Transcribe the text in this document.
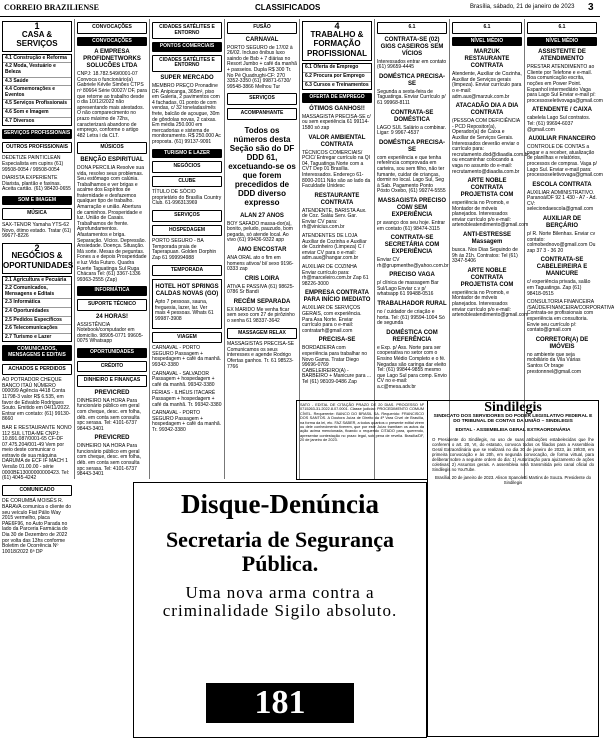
CORREIO BRAZILIENSE	CLASSIFICADOS	Brasília, sábado, 21 de janeiro de 2023 3
1
CASA & SERVIÇOS
4.1 Construção e Reforma
4.2 Moda, Vestuário e Beleza
4.3 Saúde
4.4 Comemorações e Eventos
4.5 Serviços Profissionais
4.6 Som e Imagem
4.7 Diversos
SERVIÇOS PROFISSIONAIS
OUTROS PROFISSIONAIS

DEDETIZE PAINTICLEAN Especialista em cupins (61) 99508-0054 / 99508-0054

DIARISTA EXPERIENTE Diarista, plantão e faxinas. Aceita cartão. (61) 98420-0655

SOM E IMAGEM
MÚSICA

SAX-TENOR Yamaha YTS-62 Novo, ótimo estado. Tratar (61) 99677-8226

2
NEGÓCIOS & OPORTUNIDADES
2.1 Agricultura e Pecuária
2.2 Comunicados, Mensagens e Editais
2.3 Informática
2.4 Oportunidades
2.5 Pedidos Específicos
2.6 Telecomunicações
2.7 Turismo e Lazer
COMUNICADOS, MENSAGENS E EDITAIS
ACHADOS E PERDIDOS

AO POTRADOR CHEQUE BANCO ITAÚ NÚMERO 000099 Agência 4418 Conta 11798-3 valor R$ 6.535, em favor de Edvaldo Rodrigues Souto. Emitido em 04/11/2022. Entrar em contato: (61) 99130-8660

BAR E RESTAURANTE NONO 112 SUL LTDA-ME CNPJ: 10.891.087/0001-65 CF-DF 07.475.204/001-49 Vem por meio deste comunicar o extravio de sua máquina DARUMA de ECF IF MACH 1 Versão 01.00.00 - série 0000BE13000000000423. Tel: (61) 4045-4242

COMUNICADO

DE CORUMBÁ MOISÉS R. BARAVA comunica o cliente do seu veículo Fiat Pálio Way 2015 vermelho, placa PAE6F96, no Auto Parada no lado da Parceria Farmácia do Dia 30 de Dezembro de 2022 por volta das 13hs conforme Boletim de Ocorrência Nº 10018/2022 6ª DP

CONVOCAÇÕES
CONVOCAÇÕES
A EMPRESA PROFIDNETWORKS SOLUCÕES LTDA

CNPJ: 18.782.549/0001-07 Convoca o funcionário(a) Gabriele Kévile Simões CTPS nº 80664 Série 00027/ DF, para que retorne ao trabalho desde o dia 10/12/2022 não apresentando mais atestados. O não comparecimento no prazo máximo de 72hs, caracterizará abandono de emprego, conforme o artigo 482 Letra i da CLT.

MÚSICOS
BENÇÃO ESPIRITUAL

DONA PERCILIA Resolve sua vida, resolvo seus problemas. Seu estômago com calúnia. Trabalhamos e ver brigas e acalme dos Espíritos de fraternidade e desfazemos qualquer tipo de trabalho. Amarração e união. Abertura de caminhos. Prosperidade e luz. União de Casais. Trabalhamos de frente. Aprofundamentos. Afastamentos e briga. Separação. Vícios. Depressão. Ansiedade. Doença. Situação. Má sorte. Mesas de peguntas. Fones a e depois Prosperidade e luz Vida Futuro. Quadra Fuerte Taguatinga Sul Ruga Chácara Tel: (61) 3367-1336 99363-2555 (Zap)

INFORMÁTICA
SUPORTE TÉCNICO
24 HORAS!

ASSISTÊNCIA Notebook/computador em domicílio. 98905-0771 99605-0075 Whatsapp

OPORTUNIDADES
CRÉDITO
DINHEIRO E FINANÇAS
PREVICRED

DINHEIRO NA HORA Para funcionário público em geral com cheque, desc. em folha, déb. em conta sem consulta spc serasa. Tel: 4101-6737 98443-3401

PREVICRED

DINHEIRO NA HORA Para funcionário público em geral com cheque, desc. em folha, déb. em conta sem consulta spc serasa. Tel: 4101-6737 98443-3401

CIDADES SATÉLITES E ENTORNO
PONTOS COMERCIAIS
CIDADES SATÉLITES E ENTORNO
SUPER MERCADO

MEMBRO PREÇO Pronadine DF. Anipicanga, 365m², piso em Galeria, 2 pavimentos com 4 fachadas, 01 ponto de com vendas, c/ 32 toneladas/mês frete, balcão de açougue, 30m de gôndolas novas, 2 caixas. Em média 250.000 em mercadorias e sistema de monitoramento. R$ 250.000 Ac proposta. (61) 99137-9091

TURISMO E LAZER
NEGÓCIOS
CLUBE

TÍTULO DE SÓCIO proprietário do Brasília Country Club. 61-996313969

SERVIÇOS
HOSPEDAGEM

PORTO SEGURO - BA Temporada praia de Taperapuan. Golden Dorphin Zap 61 999994988

TEMPORADA
HOTEL HOT SPRINGS CALDAS NOVAS (GO)

Apto 7 pessoas, sauna, freguesia, lazer, lar. Ver mais 4 pessoas. Whats 61 99987-3908

VIAGEM

CARNAVAL - PORTO SEGURO Passagem + hospedagem + café da manhã. 99342-3380

CARNAVAL - SALVADOR Passagem + hospedagem + café da manhã. 99342-3380

FÉRIAS - ILHÉUS ITACARÉ Passagem + hospedagem + café da manhã. Tr. 99342-3380

CARNAVAL - PORTO SEGURO Passagem + hospedagem + café da manhã. Tr. 99342-3380

FUSÃO
CARNAVAL

PORTO SEGURO de 17/02 à 26/02. Incluso ônibus luxo saindo de Bsb + 7 diárias no Resort Jumbo + café da manhã + passeios. Dupla R$ 300 Tr. No Pé Quadrughi-CF: 270 3352-3350 (61) 99871-6730/ 99548-3866 Melhou Tur

SERVIÇOS
ACOMPANHANTE
Todos os números desta Seção são do DF DDD 61, excetuando-se os que forem precedidos de DDD diverso expresso
ALAN 27 ANOS

BOY SAFADO massa-dor(a), bonito, peludo, pauzudo, bom pegada, só atende local. Ao vivo (61) 99436-9322 app

AMO ENCOSTAR

ANA ORAL ato o fim em homens ativos/ bi/ sexo 9196-0333 zap

CRIS LOIRA

ATIVA E PASSIVA (61) 98625-0786 Sr Bandi

RECÉM SEPARADA

EX MARIDO Me venha ficar sem sexo com 27 de pirôzinho o senha 61 98337-3642

MASSAGEM RELAX

MASSAGISTAS PRECISA-SE Comunicamos os seus interesses e agende Rodrigo Ofertas ganhos. Tr. 61 98523-7766

4
TRABALHO & FORMAÇÃO PROFISSIONAL
6.1 Oferta de Emprego
6.2 Procura por Emprego
6.3 Cursos e Treinamentos
OFERTA DE EMPREGO
ÓTIMOS GANHOS!!

MASSAGISTA PRECISA-SE c/ ou sem experiência 61 99114-1580 só zap

VALOR AMBIENTAL CONTRATA

TÉCNICOS COMERCIAIS/ PCIC/ Entregar currículo na QI 04, Taguatinga Norte com a CVT Dep 01 Brasília. Interessados. Endereço 61-8000-2011 Não são ao lado da Faculdade Unidesc

RESTAURANTE CONTRATA

ATENDENTE, BARISTA Aux. de Coz. Saláu Serv. Gar. Enviar CV para: rh@vinicius.com.br

ATENDENTES DE LOJA Auxiliar de Cozinha e Auxiliar de Cozinheiro (Limpeza) C / enviar CV para o e-mail: adm.aux@hangar.com.br

AUXILIAR DE COZINHA Enviar currículo para: rh@marceleiro.com.br Zap 61 98226-3000

EMPRESA CONTRATA PARA INÍCIO IMEDIATO

AUXILIAR DE SERVIÇOS GERAIS, com experiência. Para Asa Norte. Enviar currículo para o e-mail: contratarh@gmail.com

PRECISA-SE

BORDADEIRA com experiência para trabalhar no Novo Gama. Tratar Diego 99696-0769 CABELEIREIRO(A) - BARBEIRO + Manicure para ... Tel (61) 98109-0486 Zap

6.1
CONTRATA-SE (02) GIGS CASEIROS SEM VÍCIOS

Interessados entrar em contato (61) 99659-4445

DOMÉSTICA PRECISA-SE

Segunda a sexta-feira de Taguatinga. Enviar Currículo p/ 61 99968-8111

CONTRATA-SE DOMÉSTICA

LAGO SUL Salário a combinar. Ligar: 9 9967-4537

DOMÉSTICA PRECISA-SE

com experiência e que tenha referência comprovada em carteira, sou sem filho, não ter fumante, cuidar de crianças, dormir no local. Lago Sul, Seg à Sab. Pagamento Ponto Pósto Oxebo, (61) 99274-5555

MASSAGISTA PRECISO COM/ SEM EXPERIÊNCIA

pr avanço dos seu hoje. Entrar em contato (61) 98474-3115

CONTRATA-SE SECRETÁRIA COM EXPERIÊNCIA

Enviar CV rh@grupmenthe@yahoo.com.br

PRECISO VAGA

p/ clínica de massagem Bar Sul/Lago Enviar c.v p/ whatsapp 61 99488-0516

TRABALHADOR RURAL

no / cuidador de criação e horta. Tel: (61) 99594-1004 Só de segunda

DOMÉSTICA COM REFERÊNCIA

e Exp. p/ Ass. Norte para ser cooperativa no setor com o Ensino Médio Completo e o fé. Negadas são caringa dar eleito Tel: (61) 99844-9855 mesmo que Lago Sul para comp. Envio CV no e-mail: a.c@mesa.adv.br

6.1
NÍVEL MÉDIO
MARZUK RESTAURANTE CONTRATA

Atendente, Auxiliar de Cozinha, Auxiliar de Serviços gerais (limpeza). Enviar currículo para o e-mail: adm.aux@marzuk.com.br

ATACADÃO DIA A DIA CONTRATA

(PESSOA COM DEFICIÊNCIA - PCD Repositor(a), Operador(a) de Caixa e Auxiliar de Serviços Gerais. Interessados deverão enviar o currículo para: recrutamento.dod@diaadia.com.br ou encaminhar colocando a vaga no assunto do e-mail: recrutamento@diaadia.com.br

ARTE NOBLE CONTRATA PROJETISTA COM

experiência no Promob, e Montador de móveis planejados. Interessados enviar currículo p/o e-mail: artenobleatendimento@gmail.com

ANTI-ESTRESSE Massagem

busca. Nos Dias Seguindo de 9h às 21h. Contratos: Tel (61) 3347-5406

ARTE NOBLE CONTRATA PROJETISTA COM

experiência no Promob, e Montador de móveis planejados. Interessados enviar currículo p/o e-mail: artenobleatendimento@gmail.com

6.1
NÍVEL MÉDIO
ASSISTENTE DE ATENDIMENTO

PRESTAR ATENDIMENTO ao Cliente por Telefone e e-mail. Boa comunicação escrita, noções em Power Point. Espanhol intermediário Vaga para Lago Sul Enviar e-mail p/: processoseletivovaga@gmail.com

ATENDENTE / CAIXA

cabelela Lago Sul contratos. Tel: (61) 99694-6037 @gmail.com

AUXILIAR FINANCEIRO

CONTROLE DE CONTAS a pagar e a receber, atualização de planilhas e relatórios, processos de compras. Vaga p/ Lago Sul. Enviar e-mail para: processoseletivovaga@gmail.com

ESCOLA CONTRATA

AUXILIAR ADMINISTRATIVO. Paranoá/DF 92 1 430 - A7 - Ad. CV: seleciondaescola@gmail.com

AUXILIAR DE BERÇÁRIO

p/ R. Norte Bilenhas. Enviar cv contato: colmobednovo@gmail.com Ou zap 37 3 - 36 20

CONTRATA-SE CABELEIREIRA E MANICURE

c/ experiência privada, salão em Taguatinga. Zap (61) 98418-0515

CONSULTORIA FINANCEIRA /SAÚDE/FINANCEIRA/CORPORATIVA Contrata-se profissionais com experiência em consultoria. Envie seu currículo p/: contato@gmail.com

CORRETOR(A) DE IMÓVEIS

no ambiente que seja mobiliário da Vila Várias Santos Or brage prestonnnel@gmail.com

SATO - EDITAL DE CITAÇÃO PRAZO DE 20 DIAS. PROCESSO Nº 0715263-31.2022.8.07.0001. Classe judicial: PROCEDIMENTO COMUM CÍVEL. Requerente: BANCO DO BRASIL SA. Requerido: FRANCISCO DOS SANTOS. A Doutora Juíza de Direito da 4ª Vara Cível de Brasília, na forma da lei, etc. FAZ SABER, a todos quantos o presente edital virem ou dele conhecimento tiverem, que por este Juízo tramitam os autos da ação acima mencionada, ficando o requerido CITADO para, querendo, apresentar contestação no prazo legal, sob pena de revelia. Brasília/DF, 20 de janeiro de 2023.

Disque-Denúncia
Secretaria de Segurança Pública.
Uma nova arma contra a criminalidade Sigilo absoluto.
181
Sindilegis
SINDICATO DOS SERVIDORES DO PODER LEGISLATIVO FEDERAL E DO TRIBUNAL DE CONTAS DA UNIÃO – SINDILEGIS
EDITAL - ASSEMBLEIA GERAL EXTRAORDINÁRIA

O Presidente do Sindilegis, no uso de suas atribuições estabelecidas que lhe conferem o art. 20, VI, do estatuto, convoca todos os filiados para a Assembleia Geral Extraordinária que se realizará no dia 30 de janeiro de 2023, às 19h30, em primeira convocação e às 20h, em segunda convocação, de forma virtual, para deliberar sobre a seguinte ordem do dia: 1) Autorização para ajuizamento de ações coletivas; 2) Assuntos gerais. A assembleia será transmitida pelo canal oficial do Sindilegis no YouTube.

Brasília, 20 de janeiro de 2023. Alison Spanoletti Martins de Souza. Presidente do Sindilegis
